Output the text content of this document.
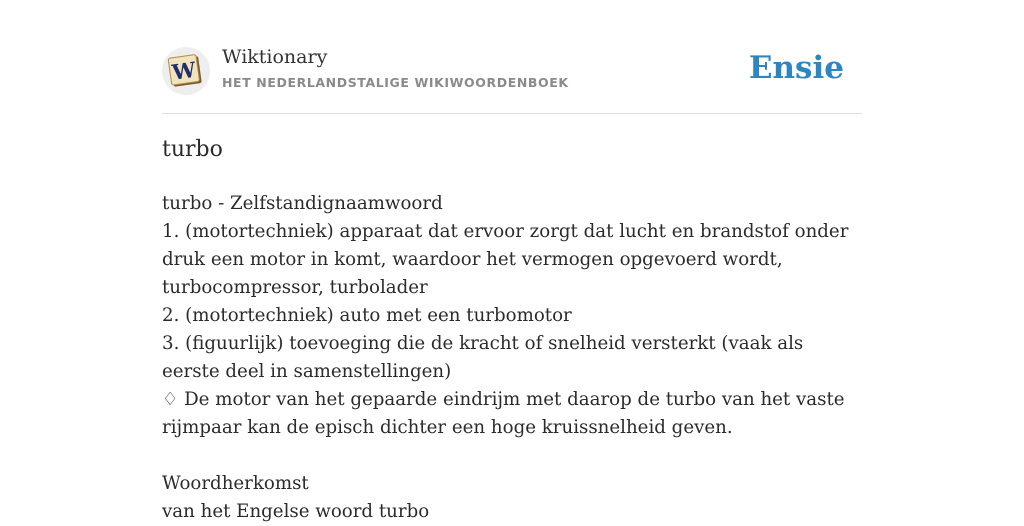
W Wiktionary
HET NEDERLANDSTALIGE WIKIWOORDENBOEK	Ensie
turbo
turbo - Zelfstandignaamwoord
1. (motortechniek) apparaat dat ervoor zorgt dat lucht en brandstof onder druk een motor in komt, waardoor het vermogen opgevoerd wordt, turbocompressor, turbolader
2. (motortechniek) auto met een turbomotor
3. (figuurlijk) toevoeging die de kracht of snelheid versterkt (vaak als eerste deel in samenstellingen)
♢ De motor van het gepaarde eindrijm met daarop de turbo van het vaste rijmpaar kan de episch dichter een hoge kruissnelheid geven.
Woordherkomst
van het Engelse woord turbo
